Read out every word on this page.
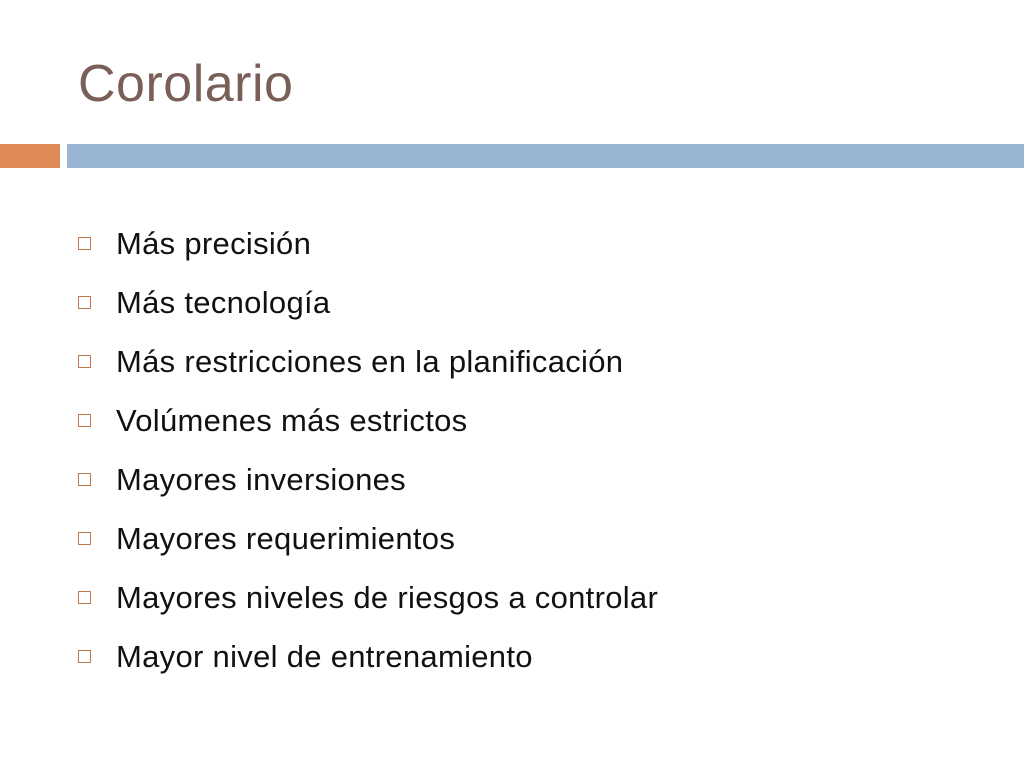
Corolario
Más precisión
Más tecnología
Más restricciones en la planificación
Volúmenes más estrictos
Mayores inversiones
Mayores requerimientos
Mayores niveles de riesgos a controlar
Mayor nivel de entrenamiento
